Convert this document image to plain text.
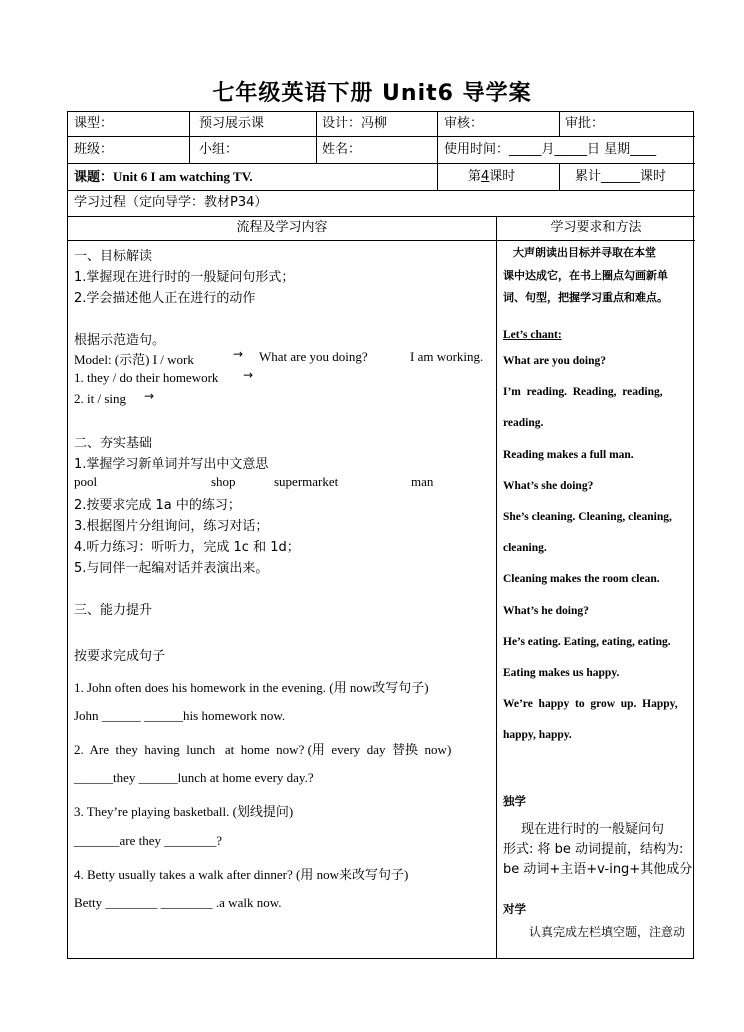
七年级英语下册 Unit6 导学案
课型：	预习展示课	设计：冯柳	审核：	审批：
班级：	小组：	姓名：	使用时间：_____月_____日 星期____
课题：Unit 6 I am watching TV.	第4课时	累计______课时
学习过程（定向导学：教材P34）
流程及学习内容	学习要求和方法
一、目标解读
1.掌握现在进行时的一般疑问句形式；
2.学会描述他人正在进行的动作
根据示范造句。
Model: (示范) I / work	→ What are you doing?	I am working.
1. they / do their homework →
2. it / sing →
二、夯实基础
1.掌握学习新单词并写出中文意思
pool	shop	supermarket	man
2.按要求完成 1a 中的练习；
3.根据图片分组询问，练习对话；
4.听力练习：听听力，完成 1c 和 1d；
5.与同伴一起编对话并表演出来。
三、能力提升
按要求完成句子
1. John often does his homework in the evening. (用 now改写句子)
John ______ ______his homework now.
2.  Are  they  having  lunch   at  home  now? (用  every  day  替换  now)
______they ______lunch at home every day.?
3. They’re playing basketball. (划线提问)
_______are they ________?
4. Betty usually takes a walk after dinner? (用 now来改写句子)
Betty ________ ________ .a walk now.
大声朗读出目标并寻取在本堂
课中达成它，在书上圈点勾画新单
词、句型，把握学习重点和难点。
Let’s chant:
What are you doing?
I’m  reading.  Reading,  reading,
reading.
Reading makes a full man.
What’s she doing?
She’s cleaning. Cleaning, cleaning,
cleaning.
Cleaning makes the room clean.
What’s he doing?
He’s eating. Eating, eating, eating.
Eating makes us happy.
We’re  happy  to  grow  up.  Happy,
happy, happy.
独学
现在进行时的一般疑问句
形式: 将 be 动词提前，结构为:
be 动词+主语+v-ing+其他成分
对学
认真完成左栏填空题，注意动
